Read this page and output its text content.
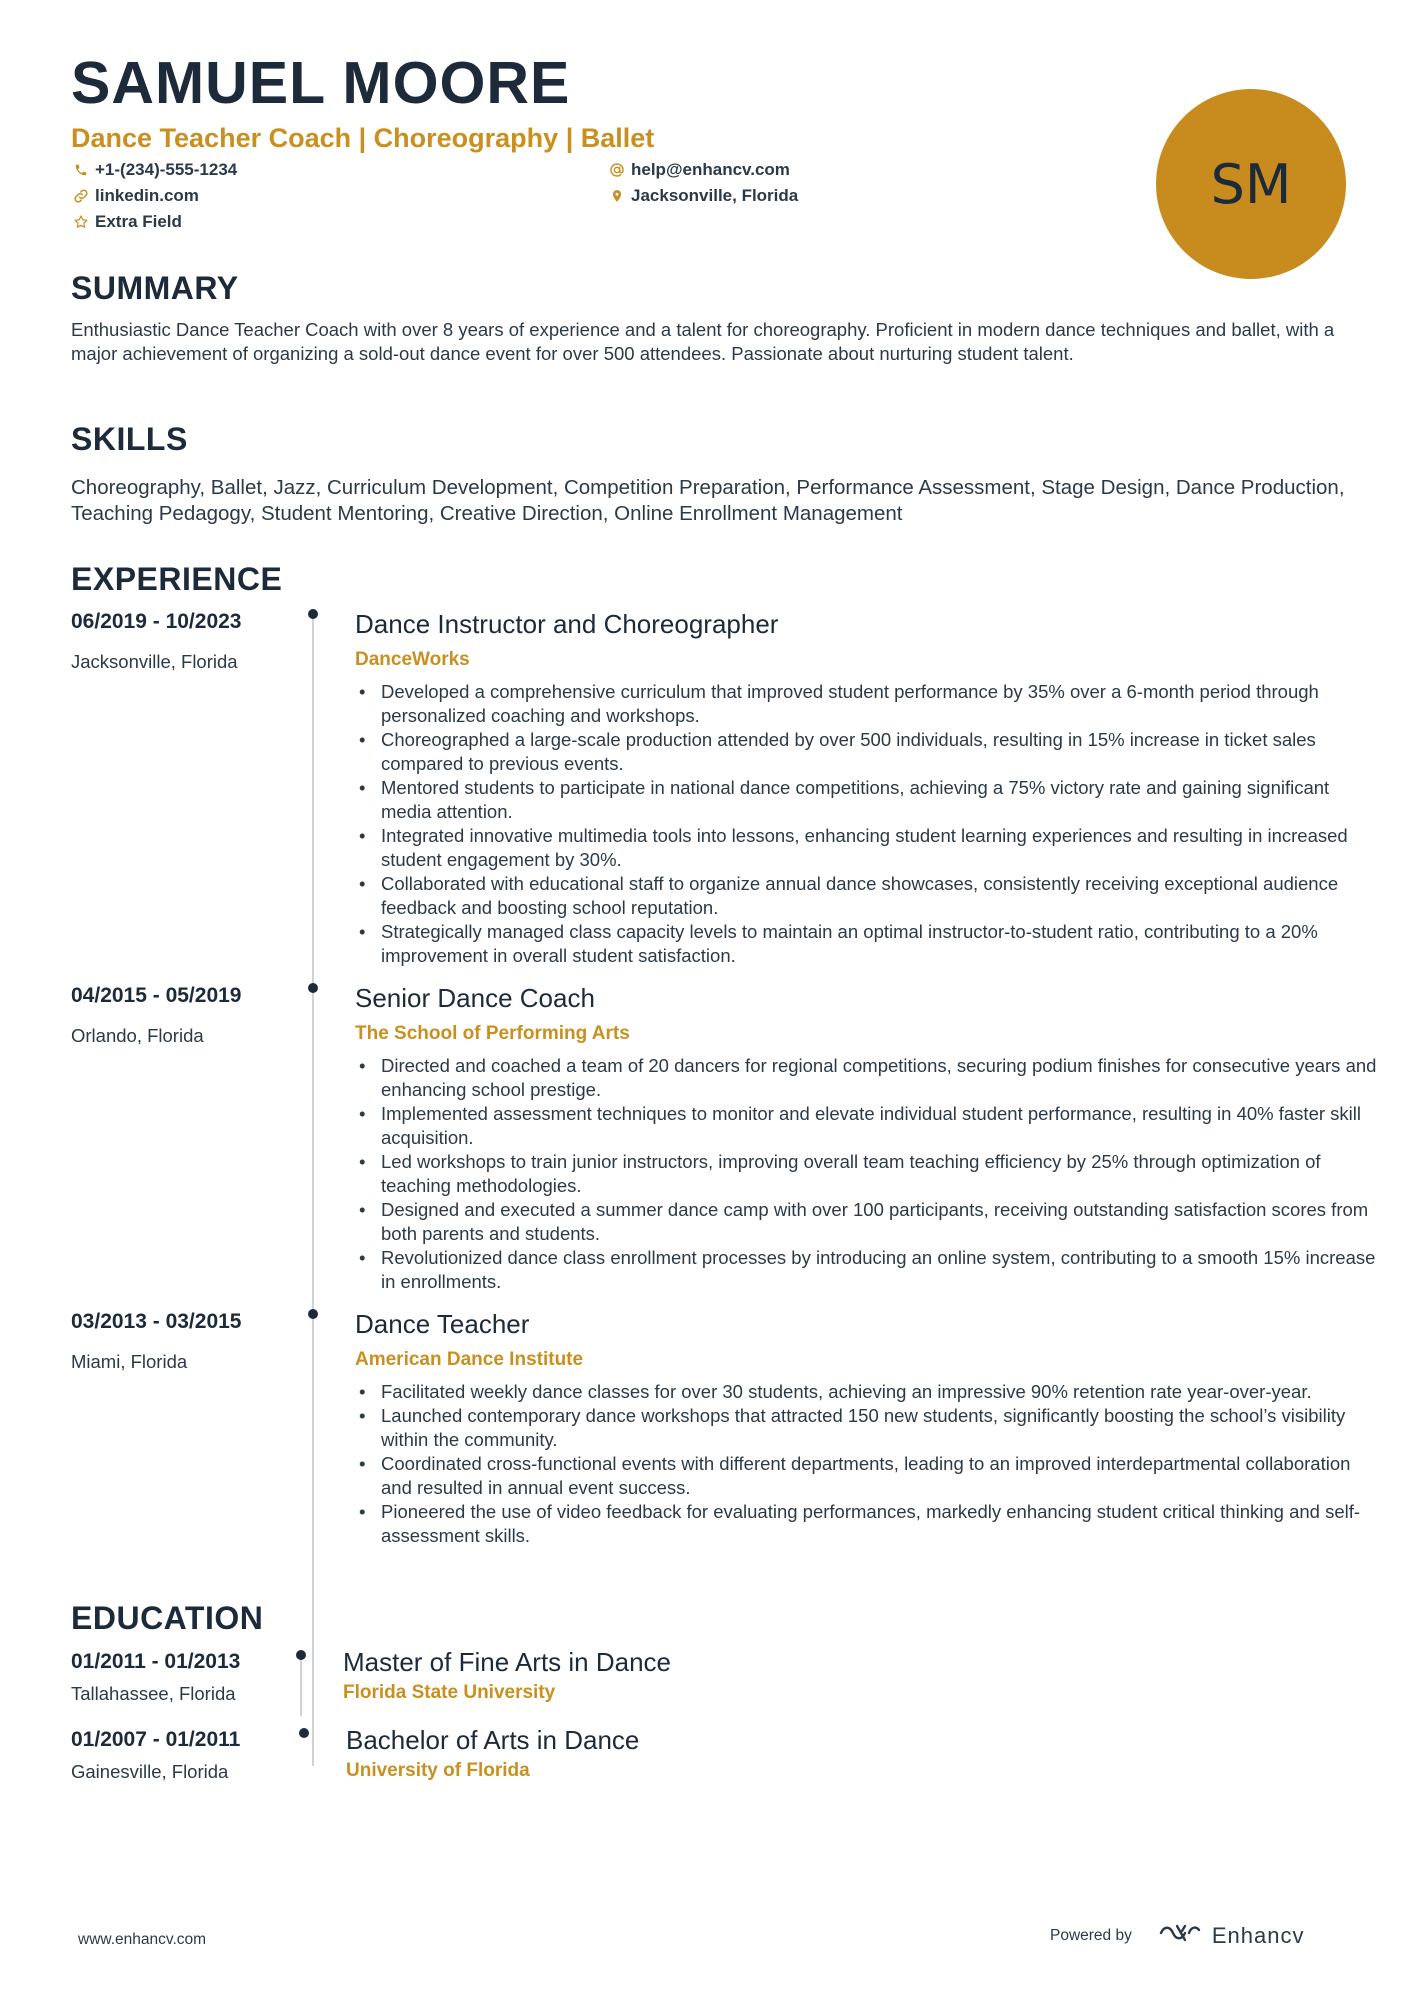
SAMUEL MOORE
Dance Teacher Coach | Choreography | Ballet
+1-(234)-555-1234	help@enhancv.com
linkedin.com	Jacksonville, Florida
Extra Field
SM
SUMMARY

Enthusiastic Dance Teacher Coach with over 8 years of experience and a talent for choreography. Proficient in modern dance techniques and ballet, with a major achievement of organizing a sold-out dance event for over 500 attendees. Passionate about nurturing student talent.

SKILLS

Choreography, Ballet, Jazz, Curriculum Development, Competition Preparation, Performance Assessment, Stage Design, Dance Production, Teaching Pedagogy, Student Mentoring, Creative Direction, Online Enrollment Management

EXPERIENCE
06/2019 - 10/2023
Jacksonville, Florida
Dance Instructor and Choreographer
DanceWorks
• Developed a comprehensive curriculum that improved student performance by 35% over a 6-month period through personalized coaching and workshops.
• Choreographed a large-scale production attended by over 500 individuals, resulting in 15% increase in ticket sales compared to previous events.
• Mentored students to participate in national dance competitions, achieving a 75% victory rate and gaining significant media attention.
• Integrated innovative multimedia tools into lessons, enhancing student learning experiences and resulting in increased student engagement by 30%.
• Collaborated with educational staff to organize annual dance showcases, consistently receiving exceptional audience feedback and boosting school reputation.
• Strategically managed class capacity levels to maintain an optimal instructor-to-student ratio, contributing to a 20% improvement in overall student satisfaction.
04/2015 - 05/2019
Orlando, Florida
Senior Dance Coach
The School of Performing Arts
• Directed and coached a team of 20 dancers for regional competitions, securing podium finishes for consecutive years and enhancing school prestige.
• Implemented assessment techniques to monitor and elevate individual student performance, resulting in 40% faster skill acquisition.
• Led workshops to train junior instructors, improving overall team teaching efficiency by 25% through optimization of teaching methodologies.
• Designed and executed a summer dance camp with over 100 participants, receiving outstanding satisfaction scores from both parents and students.
• Revolutionized dance class enrollment processes by introducing an online system, contributing to a smooth 15% increase in enrollments.
03/2013 - 03/2015
Miami, Florida
Dance Teacher
American Dance Institute
• Facilitated weekly dance classes for over 30 students, achieving an impressive 90% retention rate year-over-year.
• Launched contemporary dance workshops that attracted 150 new students, significantly boosting the school’s visibility within the community.
• Coordinated cross-functional events with different departments, leading to an improved interdepartmental collaboration and resulted in annual event success.
• Pioneered the use of video feedback for evaluating performances, markedly enhancing student critical thinking and self-assessment skills.
EDUCATION
01/2011 - 01/2013
Tallahassee, Florida
Master of Fine Arts in Dance
Florida State University
01/2007 - 01/2011
Gainesville, Florida
Bachelor of Arts in Dance
University of Florida
www.enhancv.com	Powered by	Enhancv
